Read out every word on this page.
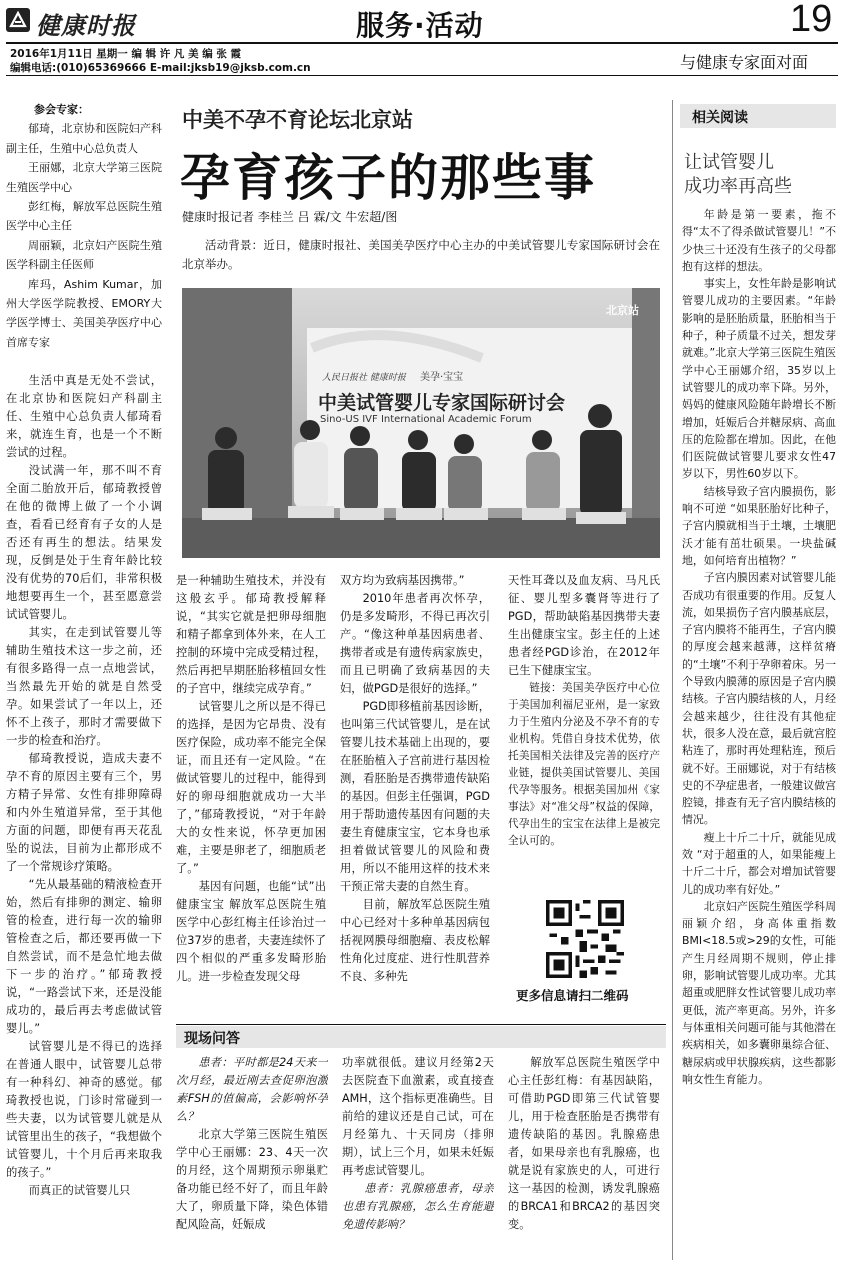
健康时报	服务·活动	19
2016年1月11日 星期一 编 辑 许 凡 美 编 张 霞
编辑电话:(010)65369666 E-mail:jksb19@jksb.com.cn	与健康专家面对面

参会专家：

郁琦，北京协和医院妇产科副主任，生殖中心总负责人

王丽娜，北京大学第三医院生殖医学中心

彭红梅，解放军总医院生殖医学中心主任

周丽颖，北京妇产医院生殖医学科副主任医师

库玛，Ashim Kumar，加州大学医学院教授、EMORY大学医学博士、美国美孕医疗中心首席专家

中美不孕不育论坛北京站
孕育孩子的那些事
健康时报记者 李桂兰 吕 霖/文 牛宏超/图

活动背景：近日，健康时报社、美国美孕医疗中心主办的中美试管婴儿专家国际研讨会在北京举办。

人民日报社 健康时报 美孕·宝宝
中美试管婴儿专家国际研讨会
Sino-US IVF International Academic Forum
北京站

生活中真是无处不尝试，在北京协和医院妇产科副主任、生殖中心总负责人郁琦看来，就连生育，也是一个不断尝试的过程。

没试满一年，那不叫不育 全面二胎放开后，郁琦教授曾在他的微博上做了一个小调查，看看已经育有子女的人是否还有再生的想法。结果发现，反倒是处于生育年龄比较没有优势的70后们，非常积极地想要再生一个，甚至愿意尝试试管婴儿。

其实，在走到试管婴儿等辅助生殖技术这一步之前，还有很多路得一点一点地尝试，当然最先开始的就是自然受孕。如果尝试了一年以上，还怀不上孩子，那时才需要做下一步的检查和治疗。

郁琦教授说，造成夫妻不孕不育的原因主要有三个，男方精子异常、女性有排卵障碍和内外生殖道异常，至于其他方面的问题，即便有再天花乱坠的说法，目前为止都形成不了一个常规诊疗策略。

“先从最基础的精液检查开始，然后有排卵的测定、输卵管的检查，进行每一次的输卵管检查之后，都还要再做一下自然尝试，而不是急忙地去做下一步的治疗。”郁琦教授说，“一路尝试下来，还是没能成功的，最后再去考虑做试管婴儿。”

试管婴儿是不得已的选择 在普通人眼中，试管婴儿总带有一种科幻、神奇的感觉。郁琦教授也说，门诊时常碰到一些夫妻，以为试管婴儿就是从试管里出生的孩子，“我想做个试管婴儿，十个月后再来取我的孩子。”

而真正的试管婴儿只

是一种辅助生殖技术，并没有这般玄乎。郁琦教授解释说，“其实它就是把卵母细胞和精子都拿到体外来，在人工控制的环境中完成受精过程，然后再把早期胚胎移植回女性的子宫中，继续完成孕育。”

试管婴儿之所以是不得已的选择，是因为它昂贵、没有医疗保险，成功率不能完全保证，而且还有一定风险。“在做试管婴儿的过程中，能得到好的卵母细胞就成功一大半了，”郁琦教授说，“对于年龄大的女性来说，怀孕更加困难，主要是卵老了，细胞质老了。”

基因有问题，也能“试”出健康宝宝 解放军总医院生殖医学中心彭红梅主任诊治过一位37岁的患者，夫妻连续怀了四个相似的严重多发畸形胎儿。进一步检查发现父母

双方均为致病基因携带。”

2010年患者再次怀孕，仍是多发畸形，不得已再次引产。“像这种单基因病患者、携带者或是有遗传病家族史，而且已明确了致病基因的夫妇，做PGD是很好的选择。”

PGD即移植前基因诊断，也叫第三代试管婴儿，是在试管婴儿技术基础上出现的，要在胚胎植入子宫前进行基因检测，看胚胎是否携带遗传缺陷的基因。但彭主任强调，PGD用于帮助遗传基因有问题的夫妻生育健康宝宝，它本身也承担着做试管婴儿的风险和费用，所以不能用这样的技术来干预正常夫妻的自然生育。

目前，解放军总医院生殖中心已经对十多种单基因病包括视网膜母细胞瘤、表皮松解性角化过度症、进行性肌营养不良、多种先

天性耳聋以及血友病、马凡氏征、婴儿型多囊肾等进行了PGD，帮助缺陷基因携带夫妻生出健康宝宝。彭主任的上述患者经PGD诊治，在2012年已生下健康宝宝。

链接：美国美孕医疗中心位于美国加利福尼亚州，是一家致力于生殖内分泌及不孕不育的专业机构。凭借自身技术优势，依托美国相关法律及完善的医疗产业链，提供美国试管婴儿、美国代孕等服务。根据美国加州《家事法》对“准父母”权益的保障，代孕出生的宝宝在法律上是被完全认可的。

更多信息请扫二维码
现场问答

患者：平时都是24天来一次月经，最近刚去查促卵泡激素FSH的值偏高，会影响怀孕么？

北京大学第三医院生殖医学中心王丽娜：23、4天一次的月经，这个周期预示卵巢贮备功能已经不好了，而且年龄大了，卵质量下降，染色体错配风险高，妊娠成

功率就很低。建议月经第2天去医院查下血激素，或直接查AMH，这个指标更准确些。目前给的建议还是自己试，可在月经第九、十天同房（排卵期），试上三个月，如果未妊娠再考虑试管婴儿。

患者：乳腺癌患者，母亲也患有乳腺癌，怎么生育能避免遗传影响？

解放军总医院生殖医学中心主任彭红梅：有基因缺陷，可借助PGD即第三代试管婴儿，用于检查胚胎是否携带有遗传缺陷的基因。乳腺癌患者，如果母亲也有乳腺癌，也就是说有家族史的人，可进行这一基因的检测，诱发乳腺癌的BRCA1和BRCA2的基因突变。

相关阅读
让试管婴儿
成功率再高些

年龄是第一要素，拖不得“太不了得杀做试管婴儿！”不少快三十还没有生孩子的父母都抱有这样的想法。

事实上，女性年龄是影响试管婴儿成功的主要因素。“年龄影响的是胚胎质量，胚胎相当于种子，种子质量不过关，想发芽就难。”北京大学第三医院生殖医学中心王丽娜介绍，35岁以上试管婴儿的成功率下降。另外，妈妈的健康风险随年龄增长不断增加，妊娠后合并糖尿病、高血压的危险都在增加。因此，在他们医院做试管婴儿要求女性47岁以下，男性60岁以下。

结核导致子宫内膜损伤，影响不可逆 “如果胚胎好比种子，子宫内膜就相当于土壤，土壤肥沃才能有茁壮硕果。一块盐碱地，如何培育出植物？”

子宫内膜因素对试管婴儿能否成功有很重要的作用。反复人流，如果损伤子宫内膜基底层，子宫内膜将不能再生，子宫内膜的厚度会越来越薄，这样贫瘠的“土壤”不利于孕卵着床。另一个导致内膜薄的原因是子宫内膜结核。子宫内膜结核的人，月经会越来越少，往往没有其他症状，很多人没在意，最后就宫腔粘连了，那时再处理粘连，预后就不好。王丽娜说，对于有结核史的不孕症患者，一般建议做宫腔镜，排查有无子宫内膜结核的情况。

瘦上十斤二十斤，就能见成效 “对于超重的人，如果能瘦上十斤二十斤，都会对增加试管婴儿的成功率有好处。”

北京妇产医院生殖医学科周丽颖介绍，身高体重指数BMI<18.5或>29的女性，可能产生月经周期不规则，停止排卵，影响试管婴儿成功率。尤其超重或肥胖女性试管婴儿成功率更低，流产率更高。另外，许多与体重相关问题可能与其他潜在疾病相关，如多囊卵巢综合征、糖尿病或甲状腺疾病，这些都影响女性生育能力。
